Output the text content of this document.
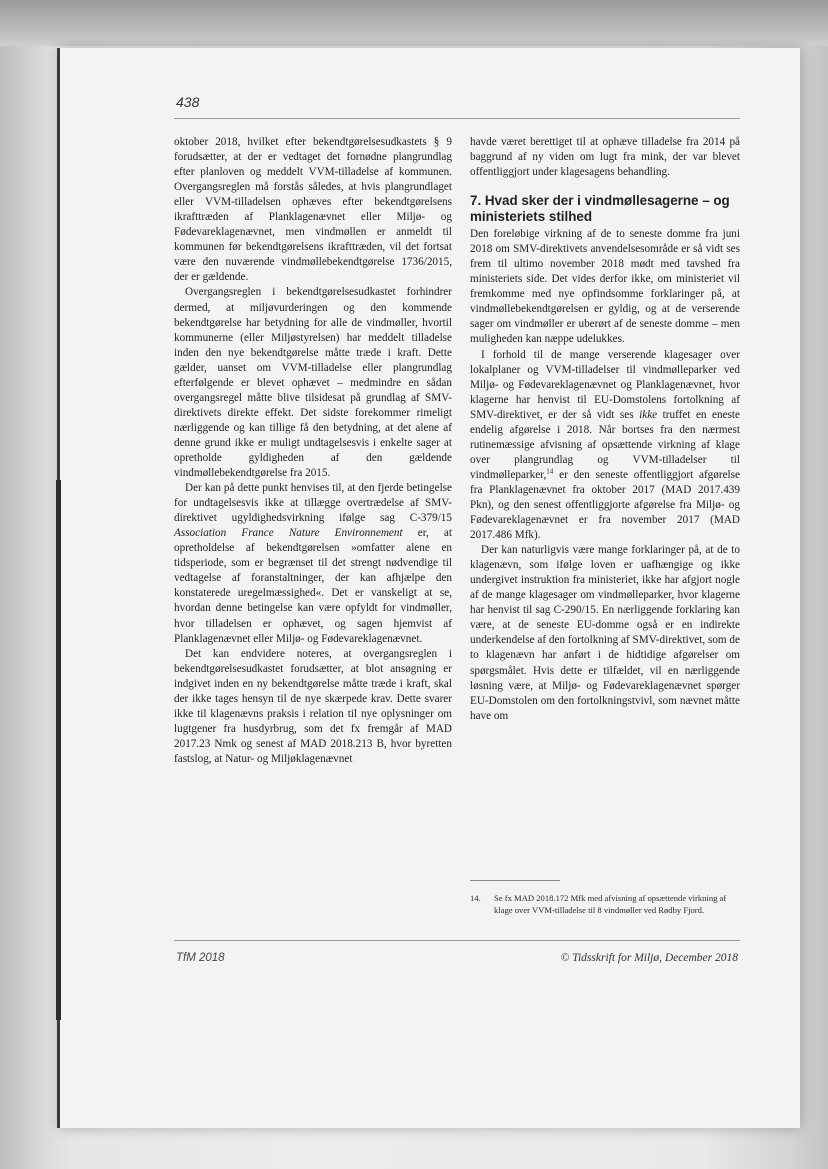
438

oktober 2018, hvilket efter bekendtgørelsesudkastets § 9 forudsætter, at der er vedtaget det fornødne plangrundlag efter planloven og meddelt VVM-tilladelse af kommunen. Overgangsreglen må forstås således, at hvis plangrundlaget eller VVM-tilladelsen ophæves efter bekendtgørelsens ikrafttræden af Planklagenævnet eller Miljø- og Fødevareklagenævnet, men vindmøllen er anmeldt til kommunen før bekendtgørelsens ikrafttræden, vil det fortsat være den nuværende vindmøllebekendtgørelse 1736/2015, der er gældende.

Overgangsreglen i bekendtgørelsesudkastet forhindrer dermed, at miljøvurderingen og den kommende bekendtgørelse har betydning for alle de vindmøller, hvortil kommunerne (eller Miljøstyrelsen) har meddelt tilladelse inden den nye bekendtgørelse måtte træde i kraft. Dette gælder, uanset om VVM-tilladelse eller plangrundlag efterfølgende er blevet ophævet – medmindre en sådan overgangsregel måtte blive tilsidesat på grundlag af SMV-direktivets direkte effekt. Det sidste forekommer rimeligt nærliggende og kan tillige få den betydning, at det alene af denne grund ikke er muligt undtagelsesvis i enkelte sager at opretholde gyldigheden af den gældende vindmøllebekendtgørelse fra 2015.

Der kan på dette punkt henvises til, at den fjerde betingelse for undtagelsesvis ikke at tillægge overtrædelse af SMV-direktivet ugyldighedsvirkning ifølge sag C-379/15 Association France Nature Environnement er, at opretholdelse af bekendtgørelsen »omfatter alene en tidsperiode, som er begrænset til det strengt nødvendige til vedtagelse af foranstaltninger, der kan afhjælpe den konstaterede uregelmæssighed«. Det er vanskeligt at se, hvordan denne betingelse kan være opfyldt for vindmøller, hvor tilladelsen er ophævet, og sagen hjemvist af Planklagenævnet eller Miljø- og Fødevareklagenævnet.

Det kan endvidere noteres, at overgangsreglen i bekendtgørelsesudkastet forudsætter, at blot ansøgning er indgivet inden en ny bekendtgørelse måtte træde i kraft, skal der ikke tages hensyn til de nye skærpede krav. Dette svarer ikke til klagenævns praksis i relation til nye oplysninger om lugtgener fra husdyrbrug, som det fx fremgår af MAD 2017.23 Nmk og senest af MAD 2018.213 B, hvor byretten fastslog, at Natur- og Miljøklagenævnet

havde været berettiget til at ophæve tilladelse fra 2014 på baggrund af ny viden om lugt fra mink, der var blevet offentliggjort under klagesagens behandling.

7. Hvad sker der i vindmøllesagerne – og ministeriets stilhed

Den foreløbige virkning af de to seneste domme fra juni 2018 om SMV-direktivets anvendelsesområde er så vidt ses frem til ultimo november 2018 mødt med tavshed fra ministeriets side. Det vides derfor ikke, om ministeriet vil fremkomme med nye opfindsomme forklaringer på, at vindmøllebekendtgørelsen er gyldig, og at de verserende sager om vindmøller er uberørt af de seneste domme – men muligheden kan næppe udelukkes.

I forhold til de mange verserende klagesager over lokalplaner og VVM-tilladelser til vindmølleparker ved Miljø- og Fødevareklagenævnet og Planklagenævnet, hvor klagerne har henvist til EU-Domstolens fortolkning af SMV-direktivet, er der så vidt ses ikke truffet en eneste endelig afgørelse i 2018. Når bortses fra den nærmest rutinemæssige afvisning af opsættende virkning af klage over plangrundlag og VVM-tilladelser til vindmølleparker,$^{14}$ er den seneste offentliggjort afgørelse fra Planklagenævnet fra oktober 2017 (MAD 2017.439 Pkn), og den senest offentliggjorte afgørelse fra Miljø- og Fødevareklagenævnet er fra november 2017 (MAD 2017.486 Mfk).

Der kan naturligvis være mange forklaringer på, at de to klagenævn, som ifølge loven er uafhængige og ikke undergivet instruktion fra ministeriet, ikke har afgjort nogle af de mange klagesager om vindmølleparker, hvor klagerne har henvist til sag C-290/15. En nærliggende forklaring kan være, at de seneste EU-domme også er en indirekte underkendelse af den fortolkning af SMV-direktivet, som de to klagenævn har anført i de hidtidige afgørelser om spørgsmålet. Hvis dette er tilfældet, vil en nærliggende løsning være, at Miljø- og Fødevareklagenævnet spørger EU-Domstolen om den fortolkningstvivl, som nævnet måtte have om

14.	Se fx MAD 2018.172 Mfk med afvisning af opsættende virkning af klage over VVM-tilladelse til 8 vindmøller ved Rødby Fjord.
TfM 2018	© Tidsskrift for Miljø, December 2018
